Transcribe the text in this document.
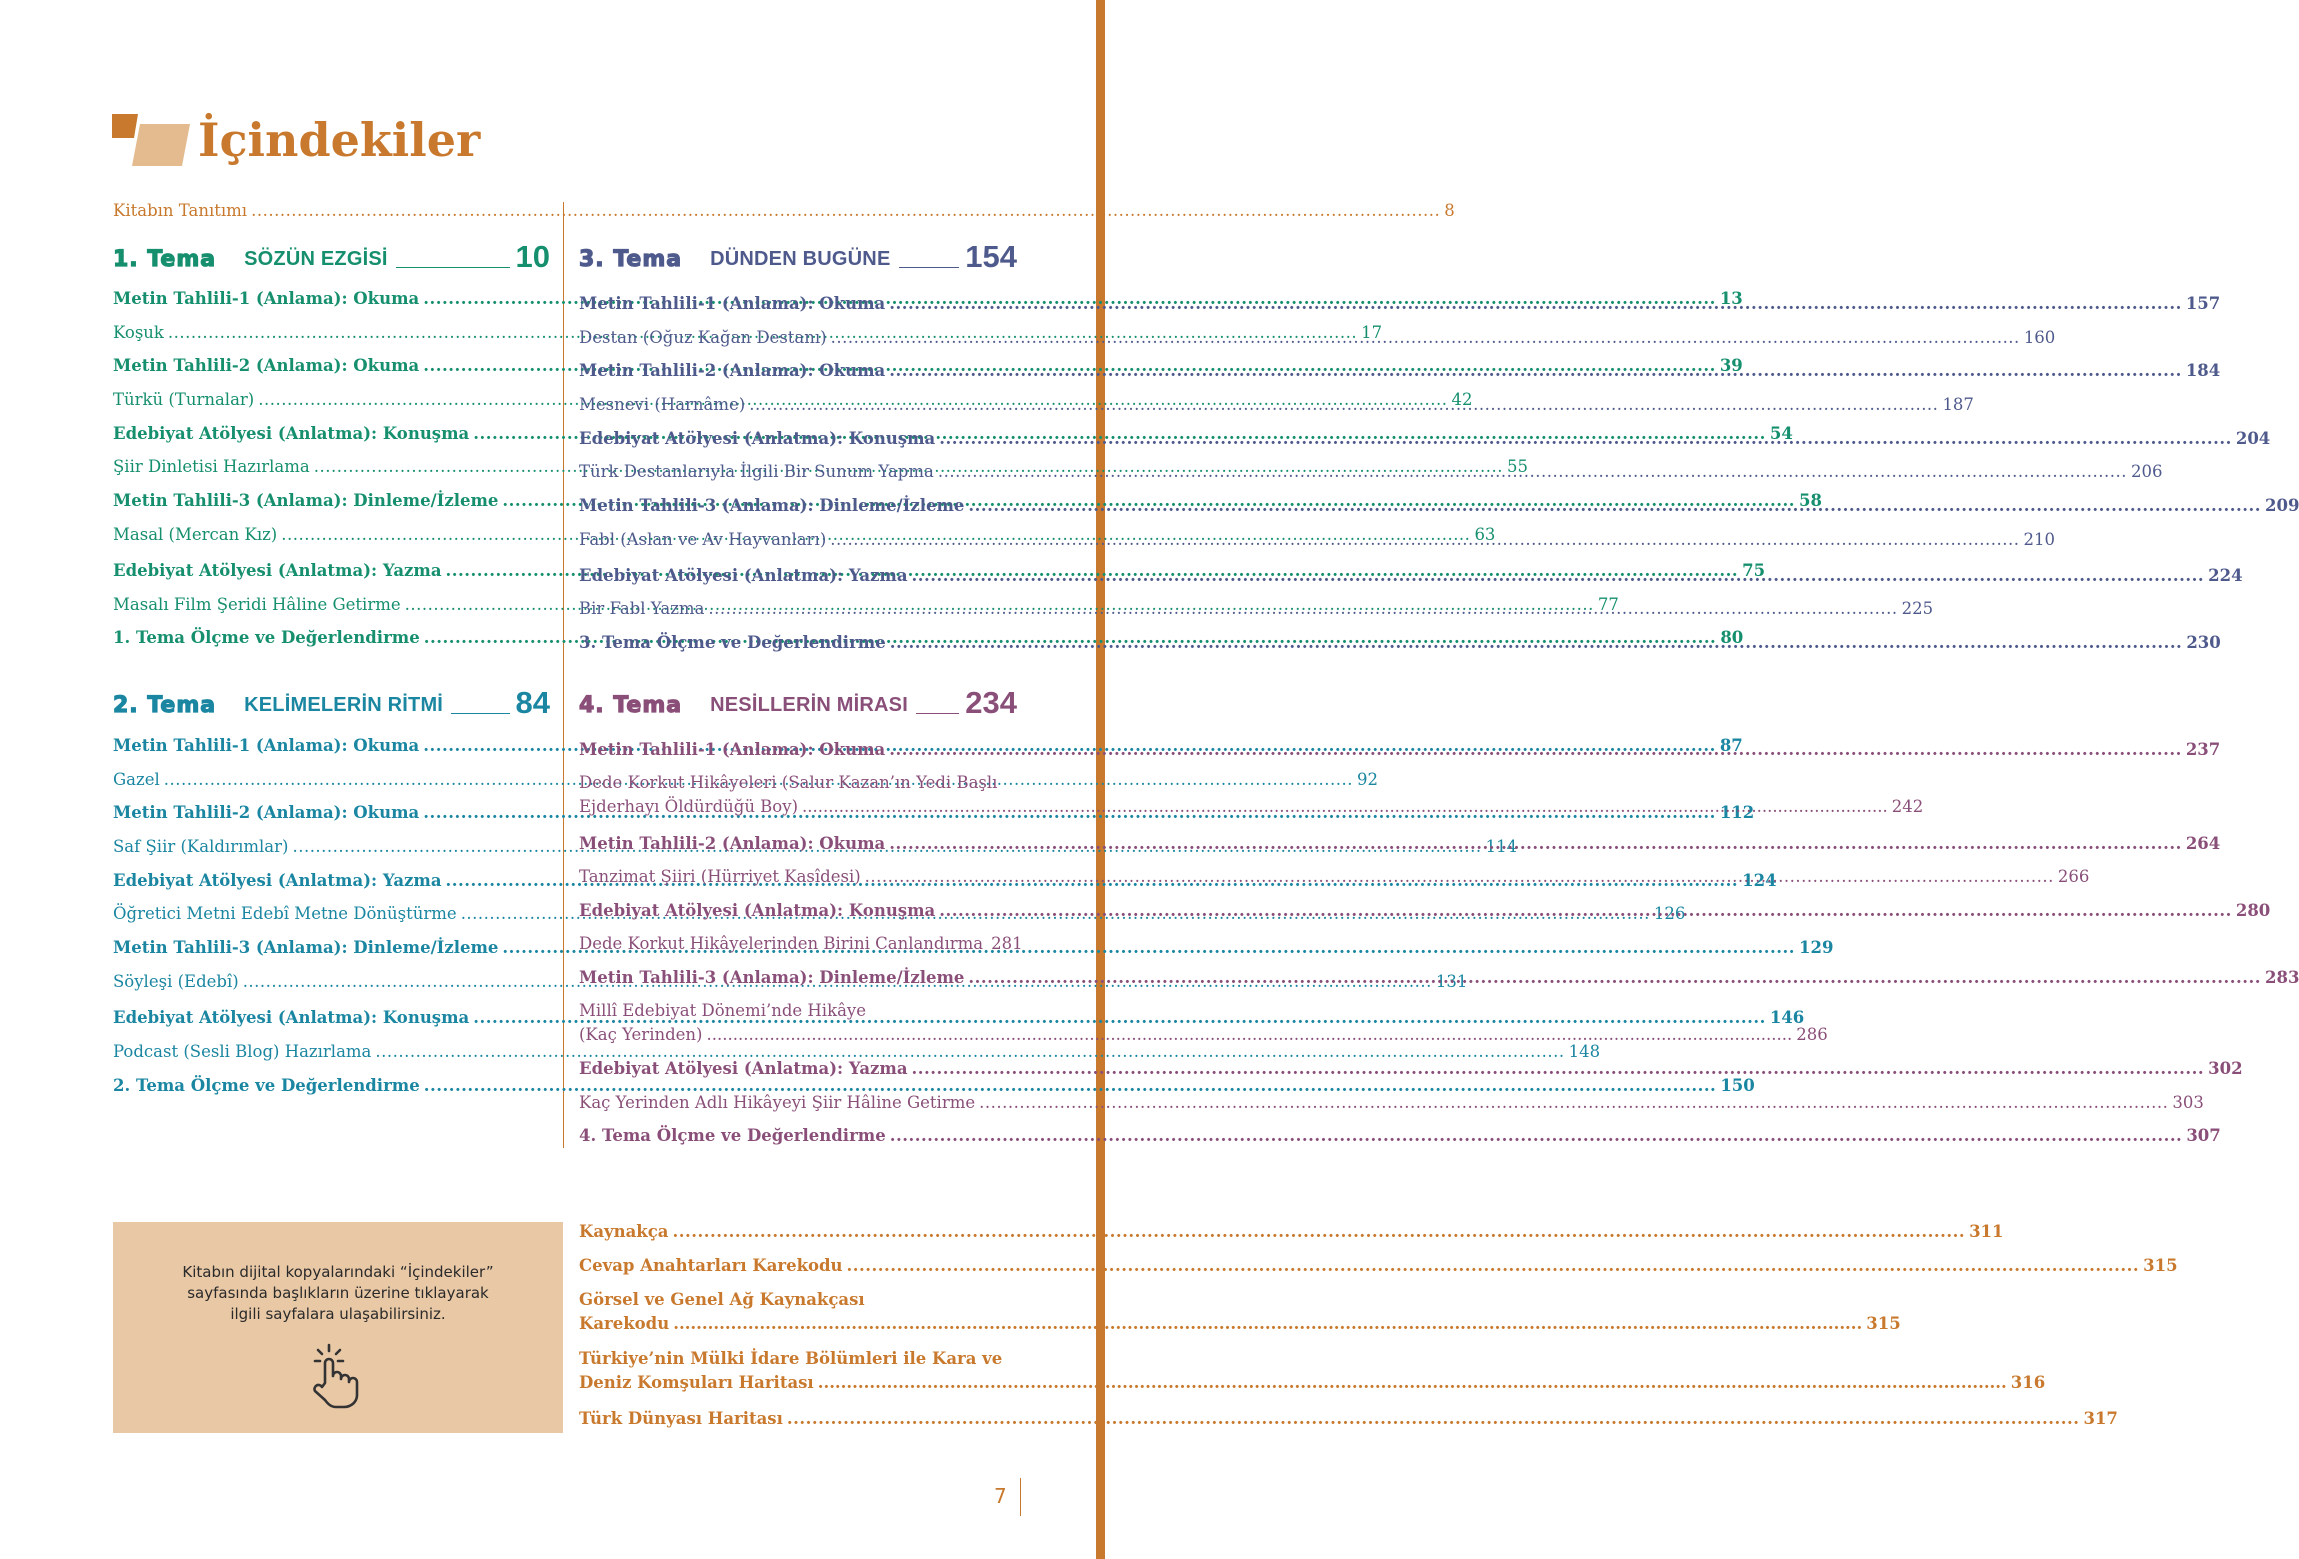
İçindekiler
Kitabın Tanıtımı .....	8
1. Tema SÖZÜN EZGİSİ	10
2. Tema KELİMELERİN RİTMİ 84
3. Tema DÜNDEN BUGÜNE 154
4. Tema NESİLLERİN MİRASI 234
Metin Tahlili-1 (Anlama): Okuma .....	13
Koşuk .....	17
Metin Tahlili-2 (Anlama): Okuma .....	39
Türkü (Turnalar) .....	42
Edebiyat Atölyesi (Anlatma): Konuşma .....	54
Şiir Dinletisi Hazırlama .....	55
Metin Tahlili-3 (Anlama): Dinleme/İzleme .....	58
Masal (Mercan Kız) .....	63
Edebiyat Atölyesi (Anlatma): Yazma .....	75
Masalı Film Şeridi Hâline Getirme .....	77
1. Tema Ölçme ve Değerlendirme .....	80
Metin Tahlili-1 (Anlama): Okuma .....	87
Gazel .....	92
Metin Tahlili-2 (Anlama): Okuma .....	112
Saf Şiir (Kaldırımlar) .....	114
Edebiyat Atölyesi (Anlatma): Yazma .....	124
Öğretici Metni Edebî Metne Dönüştürme .....	126
Metin Tahlili-3 (Anlama): Dinleme/İzleme .....	129
Söyleşi (Edebî) .....	131
Edebiyat Atölyesi (Anlatma): Konuşma .....	146
Podcast (Sesli Blog) Hazırlama .....	148
2. Tema Ölçme ve Değerlendirme .....	150
Metin Tahlili-1 (Anlama): Okuma .....	157
Destan (Oğuz Kağan Destanı) .....	160
Metin Tahlili-2 (Anlama): Okuma .....	184
Mesnevi (Harnâme) .....	187
Edebiyat Atölyesi (Anlatma): Konuşma .....	204
Türk Destanlarıyla İlgili Bir Sunum Yapma .....	206
Metin Tahlili-3 (Anlama): Dinleme/İzleme .....	209
Fabl (Aslan ve Av Hayvanları) .....	210
Edebiyat Atölyesi (Anlatma): Yazma .....	224
Bir Fabl Yazma .....	225
3. Tema Ölçme ve Değerlendirme .....	230
Metin Tahlili-1 (Anlama): Okuma .....	237
Dede Korkut Hikâyeleri (Salur Kazan’ın Yedi Başlı
Ejderhayı Öldürdüğü Boy) .....	242
Metin Tahlili-2 (Anlama): Okuma .....	264
Tanzimat Şiiri (Hürriyet Kasîdesi) .....	266
Edebiyat Atölyesi (Anlatma): Konuşma .....	280
Dede Korkut Hikâyelerinden Birini Canlandırma 281
Metin Tahlili-3 (Anlama): Dinleme/İzleme .....	283
Millî Edebiyat Dönemi’nde Hikâye
(Kaç Yerinden) .....	286
Edebiyat Atölyesi (Anlatma): Yazma .....	302
Kaç Yerinden Adlı Hikâyeyi Şiir Hâline Getirme .....	303
4. Tema Ölçme ve Değerlendirme .....	307
Kitabın dijital kopyalarındaki “İçindekiler”
sayfasında başlıkların üzerine tıklayarak
ilgili sayfalara ulaşabilirsiniz.
Kaynakça .....	311
Cevap Anahtarları Karekodu .....	315
Görsel ve Genel Ağ Kaynakçası
Karekodu .....	315
Türkiye’nin Mülki İdare Bölümleri ile Kara ve
Deniz Komşuları Haritası .....	316
Türk Dünyası Haritası .....	317
7
